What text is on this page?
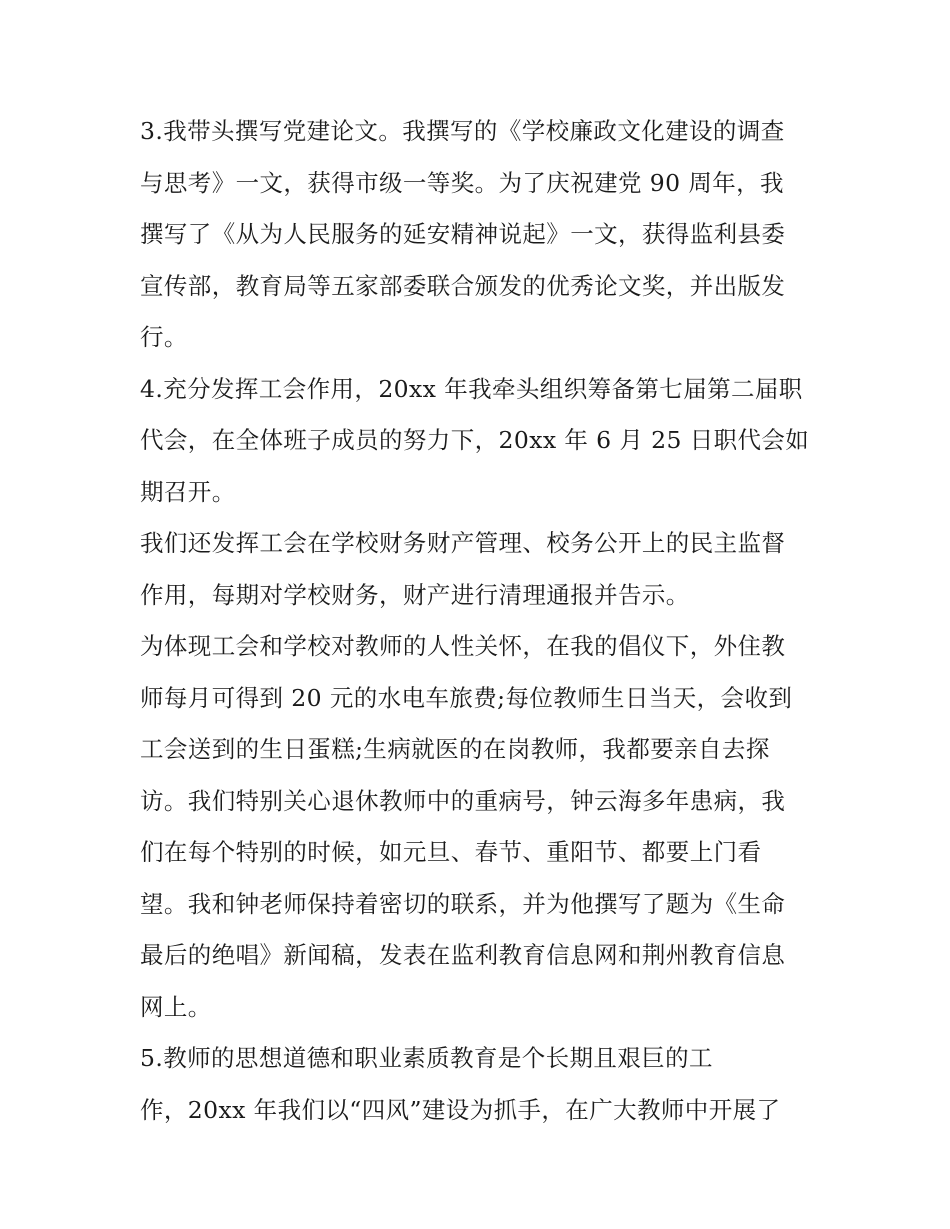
3.我带头撰写党建论文。我撰写的《学校廉政文化建设的调查
与思考》一文，获得市级一等奖。为了庆祝建党 90 周年，我
撰写了《从为人民服务的延安精神说起》一文，获得监利县委
宣传部，教育局等五家部委联合颁发的优秀论文奖，并出版发
行。
4.充分发挥工会作用，20xx 年我牵头组织筹备第七届第二届职
代会，在全体班子成员的努力下，20xx 年 6 月 25 日职代会如
期召开。
我们还发挥工会在学校财务财产管理、校务公开上的民主监督
作用，每期对学校财务，财产进行清理通报并告示。
为体现工会和学校对教师的人性关怀，在我的倡仪下，外住教
师每月可得到 20 元的水电车旅费;每位教师生日当天，会收到
工会送到的生日蛋糕;生病就医的在岗教师，我都要亲自去探
访。我们特别关心退休教师中的重病号，钟云海多年患病，我
们在每个特别的时候，如元旦、春节、重阳节、都要上门看
望。我和钟老师保持着密切的联系，并为他撰写了题为《生命
最后的绝唱》新闻稿，发表在监利教育信息网和荆州教育信息
网上。
5.教师的思想道德和职业素质教育是个长期且艰巨的工
作，20xx 年我们以“四风”建设为抓手，在广大教师中开展了
